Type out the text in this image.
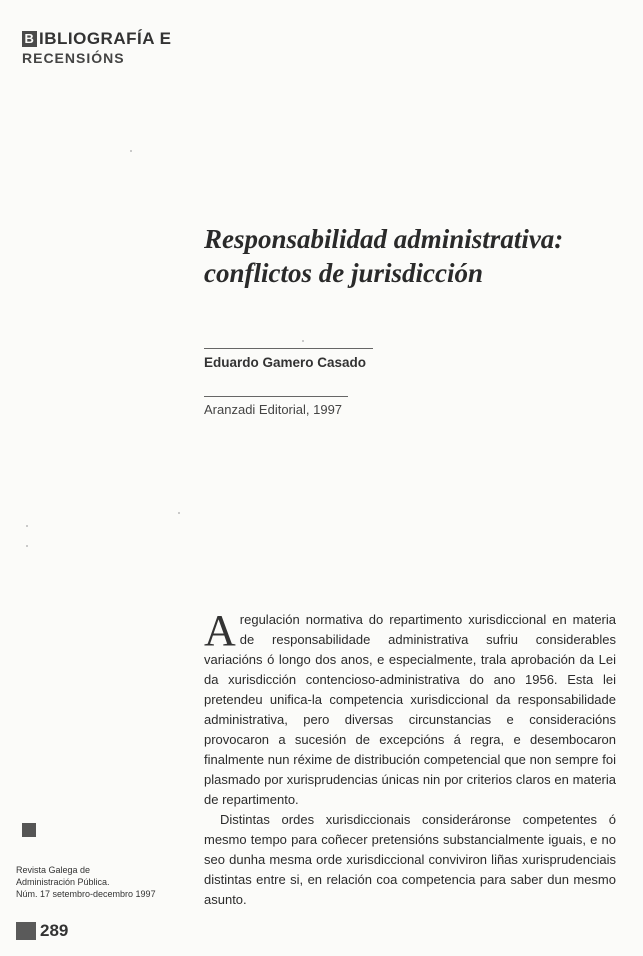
B IBLIOGRAFÍA E
RECENSIÓNS
Responsabilidad administrativa:
conflictos de jurisdicción
Eduardo Gamero Casado
Aranzadi Editorial, 1997

A regulación normativa do repartimento xurisdiccional en materia de responsabilidade administrativa sufriu considerables variacións ó longo dos anos, e especialmente, trala aprobación da Lei da xurisdicción contencioso-administrativa do ano 1956. Esta lei pretendeu unifica-la competencia xurisdiccional da responsabilidade administrativa, pero diversas circunstancias e consideracións provocaron a sucesión de excepcións á regra, e desembocaron finalmente nun réxime de distribución competencial que non sempre foi plasmado por xurisprudencias únicas nin por criterios claros en materia de repartimento.

Distintas ordes xurisdiccionais consideráronse competentes ó mesmo tempo para coñecer pretensións substancialmente iguais, e no seo dunha mesma orde xurisdiccional conviviron liñas xurisprudenciais distintas entre si, en relación coa competencia para saber dun mesmo asunto.

Revista Galega de
Administración Pública.
Núm. 17 setembro-decembro 1997
289
